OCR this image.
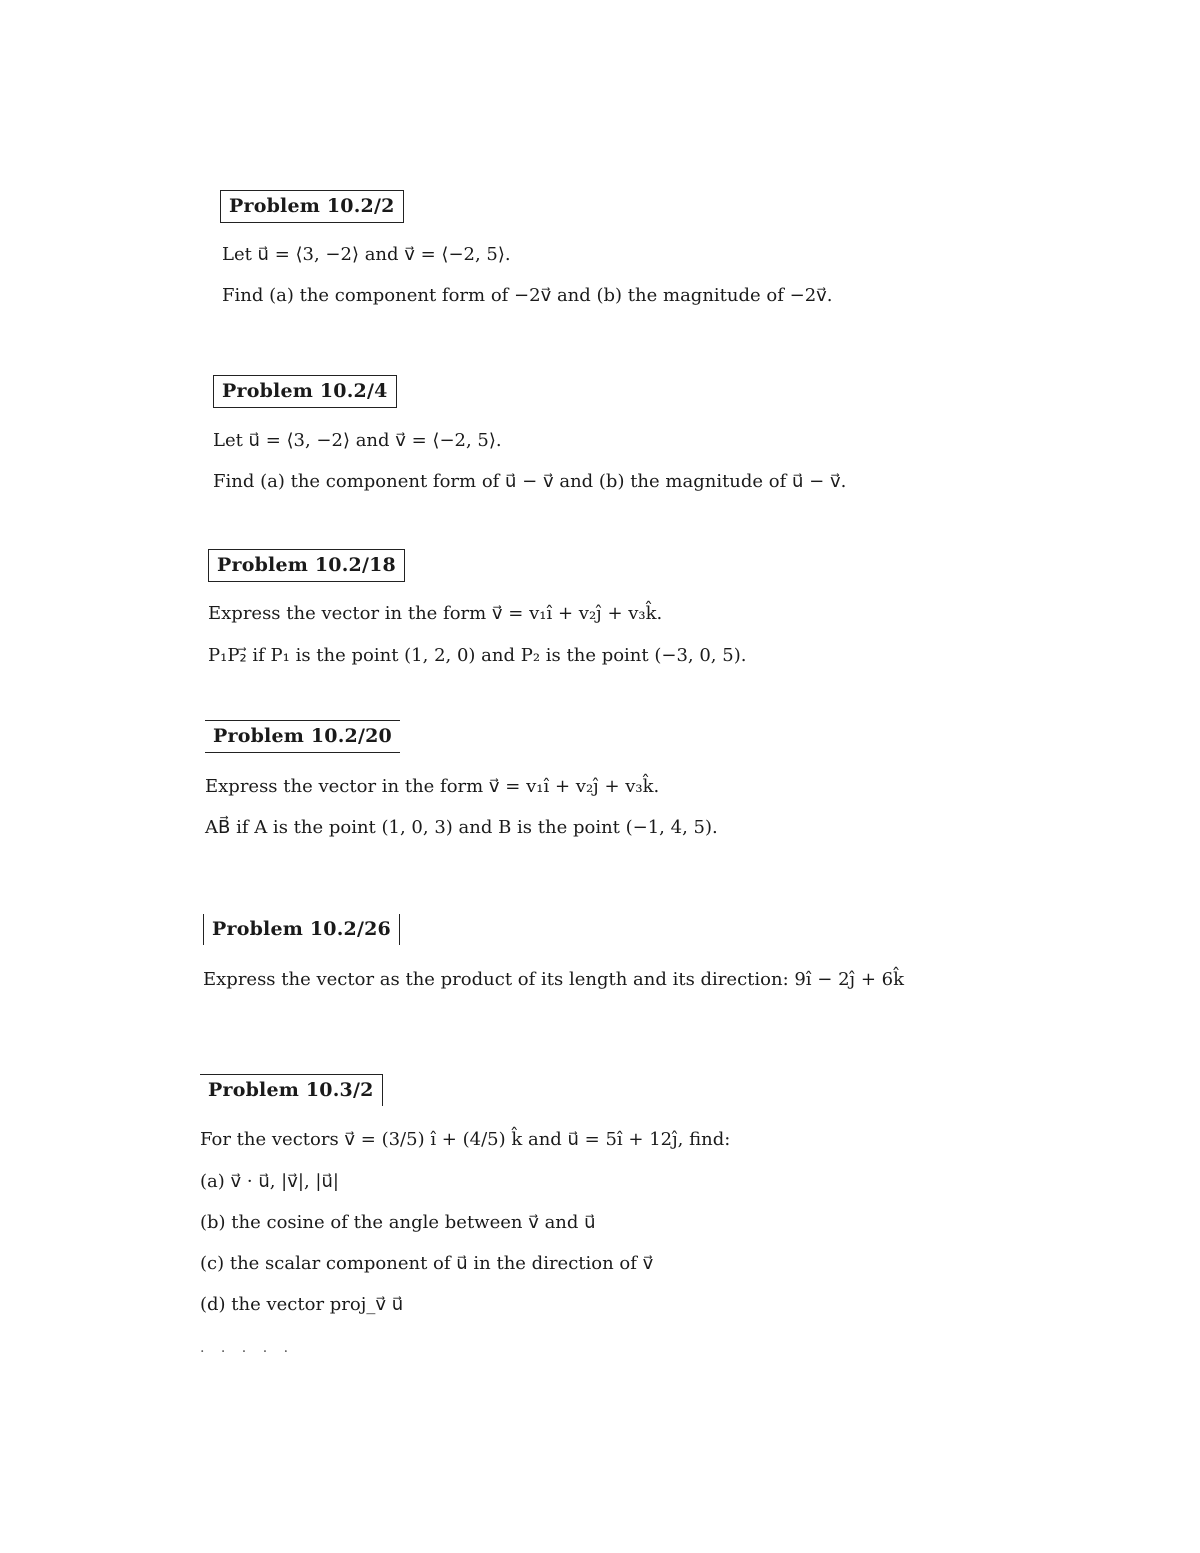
Problem 10.2/2
Let u⃗ = ⟨3, −2⟩ and v⃗ = ⟨−2, 5⟩.
Find (a) the component form of −2v⃗ and (b) the magnitude of −2v⃗.
Problem 10.2/4
Let u⃗ = ⟨3, −2⟩ and v⃗ = ⟨−2, 5⟩.
Find (a) the component form of u⃗ − v⃗ and (b) the magnitude of u⃗ − v⃗.
Problem 10.2/18
Express the vector in the form v⃗ = v₁î + v₂ĵ + v₃k̂.
P₁P₂⃗ if P₁ is the point (1, 2, 0) and P₂ is the point (−3, 0, 5).
Problem 10.2/20
Express the vector in the form v⃗ = v₁î + v₂ĵ + v₃k̂.
AB⃗ if A is the point (1, 0, 3) and B is the point (−1, 4, 5).
Problem 10.2/26
Express the vector as the product of its length and its direction: 9î − 2ĵ + 6k̂
Problem 10.3/2
For the vectors v⃗ = (3/5) î + (4/5) k̂ and u⃗ = 5î + 12ĵ, find:
(a) v⃗ · u⃗, |v⃗|, |u⃗|
(b) the cosine of the angle between v⃗ and u⃗
(c) the scalar component of u⃗ in the direction of v⃗
(d) the vector proj_v⃗ u⃗
. . . . .
